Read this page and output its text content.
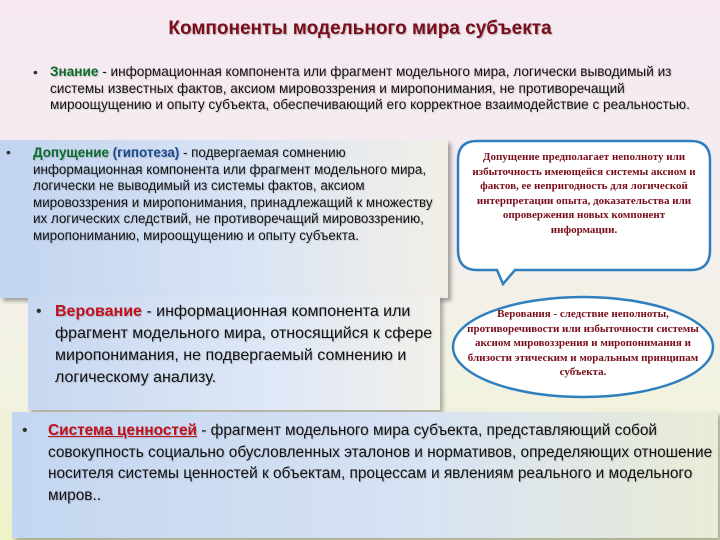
Компоненты модельного мира субъекта
• Знание - информационная компонента или фрагмент модельного мира, логически выводимый из системы известных фактов, аксиом мировоззрения и миропонимания, не противоречащий мироощущению и опыту субъекта, обеспечивающий его корректное взаимодействие с реальностью.
• Допущение (гипотеза) - подвергаемая сомнению информационная компонента или фрагмент модельного мира, логически не выводимый из системы фактов, аксиом мировоззрения и миропонимания, принадлежащий к множеству их логических следствий, не противоречащий мировоззрению, миропониманию, мироощущению и опыту субъекта.
Допущение предполагает неполноту или избыточность имеющейся системы аксиом и фактов, ее непригодность для логической интерпретации опыта, доказательства или опровержения новых компонент информации.
• Верование - информационная компонента или фрагмент модельного мира, относящийся к сфере миропонимания, не подвергаемый сомнению и логическому анализу.
Верования - следствие неполноты, противоречивости или избыточности системы аксиом мировоззрения и миропонимания и близости этическим и моральным принципам субъекта.
• Система ценностей - фрагмент модельного мира субъекта, представляющий собой совокупность социально обусловленных эталонов и нормативов, определяющих отношение носителя системы ценностей к объектам, процессам и явлениям реального и модельного миров..
